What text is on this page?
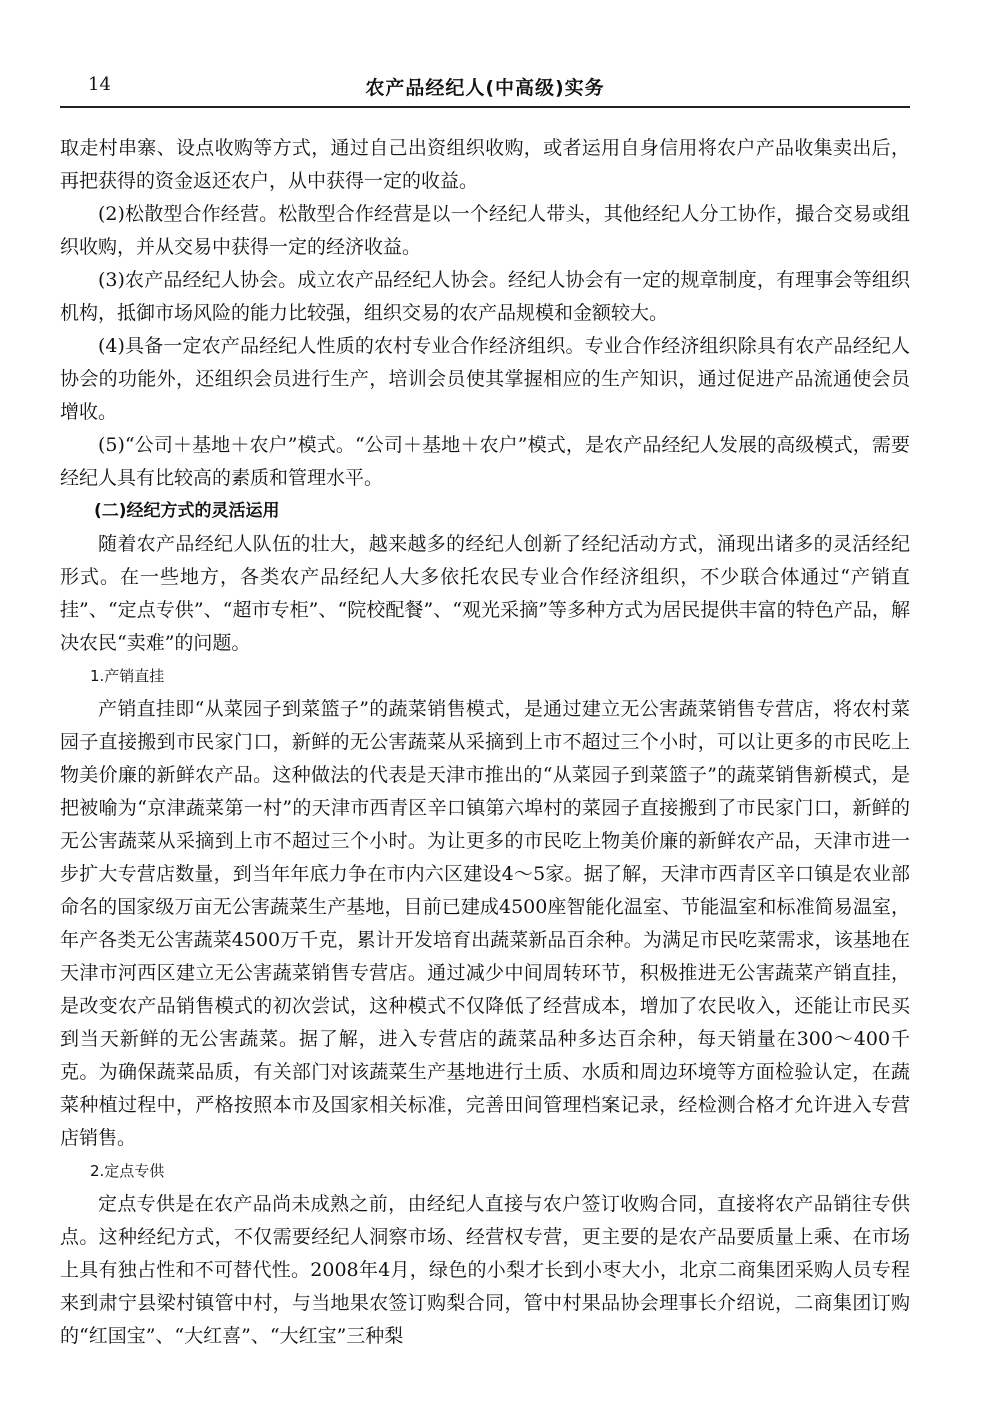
14	农产品经纪人(中高级)实务

取走村串寨、设点收购等方式，通过自己出资组织收购，或者运用自身信用将农户产品收集卖出后，再把获得的资金返还农户，从中获得一定的收益。

(2)松散型合作经营。松散型合作经营是以一个经纪人带头，其他经纪人分工协作，撮合交易或组织收购，并从交易中获得一定的经济收益。

(3)农产品经纪人协会。成立农产品经纪人协会。经纪人协会有一定的规章制度，有理事会等组织机构，抵御市场风险的能力比较强，组织交易的农产品规模和金额较大。

(4)具备一定农产品经纪人性质的农村专业合作经济组织。专业合作经济组织除具有农产品经纪人协会的功能外，还组织会员进行生产，培训会员使其掌握相应的生产知识，通过促进产品流通使会员增收。

(5)“公司＋基地＋农户”模式。“公司＋基地＋农户”模式，是农产品经纪人发展的高级模式，需要经纪人具有比较高的素质和管理水平。

(二)经纪方式的灵活运用

随着农产品经纪人队伍的壮大，越来越多的经纪人创新了经纪活动方式，涌现出诸多的灵活经纪形式。在一些地方，各类农产品经纪人大多依托农民专业合作经济组织，不少联合体通过“产销直挂”、“定点专供”、“超市专柜”、“院校配餐”、“观光采摘”等多种方式为居民提供丰富的特色产品，解决农民“卖难”的问题。

1.产销直挂

产销直挂即“从菜园子到菜篮子”的蔬菜销售模式，是通过建立无公害蔬菜销售专营店，将农村菜园子直接搬到市民家门口，新鲜的无公害蔬菜从采摘到上市不超过三个小时，可以让更多的市民吃上物美价廉的新鲜农产品。这种做法的代表是天津市推出的“从菜园子到菜篮子”的蔬菜销售新模式，是把被喻为“京津蔬菜第一村”的天津市西青区辛口镇第六埠村的菜园子直接搬到了市民家门口，新鲜的无公害蔬菜从采摘到上市不超过三个小时。为让更多的市民吃上物美价廉的新鲜农产品，天津市进一步扩大专营店数量，到当年年底力争在市内六区建设4～5家。据了解，天津市西青区辛口镇是农业部命名的国家级万亩无公害蔬菜生产基地，目前已建成4500座智能化温室、节能温室和标准简易温室，年产各类无公害蔬菜4500万千克，累计开发培育出蔬菜新品百余种。为满足市民吃菜需求，该基地在天津市河西区建立无公害蔬菜销售专营店。通过减少中间周转环节，积极推进无公害蔬菜产销直挂，是改变农产品销售模式的初次尝试，这种模式不仅降低了经营成本，增加了农民收入，还能让市民买到当天新鲜的无公害蔬菜。据了解，进入专营店的蔬菜品种多达百余种，每天销量在300～400千克。为确保蔬菜品质，有关部门对该蔬菜生产基地进行土质、水质和周边环境等方面检验认定，在蔬菜种植过程中，严格按照本市及国家相关标准，完善田间管理档案记录，经检测合格才允许进入专营店销售。

2.定点专供

定点专供是在农产品尚未成熟之前，由经纪人直接与农户签订收购合同，直接将农产品销往专供点。这种经纪方式，不仅需要经纪人洞察市场、经营权专营，更主要的是农产品要质量上乘、在市场上具有独占性和不可替代性。2008年4月，绿色的小梨才长到小枣大小，北京二商集团采购人员专程来到肃宁县梁村镇管中村，与当地果农签订购梨合同，管中村果品协会理事长介绍说，二商集团订购的“红国宝”、“大红喜”、“大红宝”三种梨
